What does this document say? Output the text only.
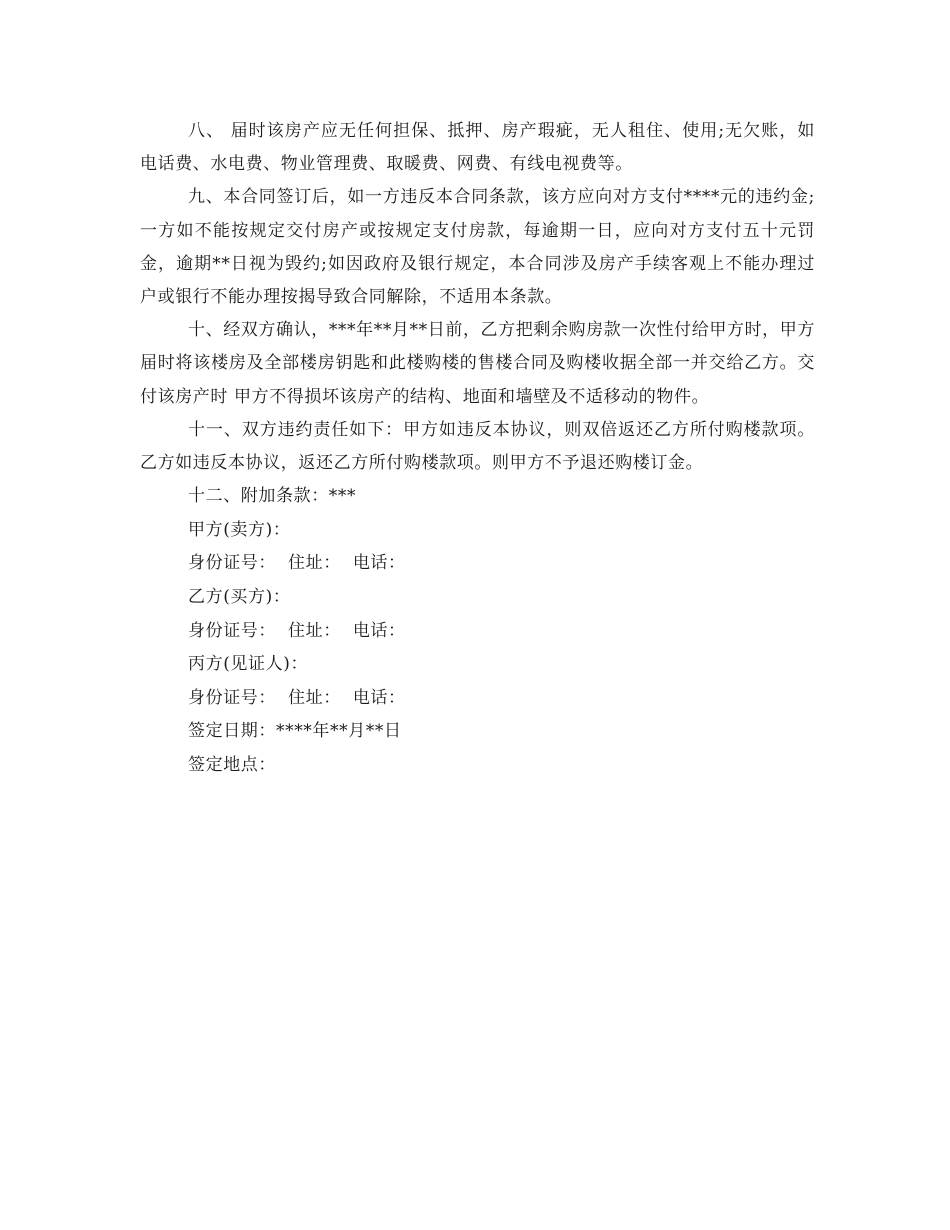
八、 届时该房产应无任何担保、抵押、房产瑕疵，无人租住、使用;无欠账，如电话费、水电费、物业管理费、取暖费、网费、有线电视费等。

九、本合同签订后，如一方违反本合同条款，该方应向对方支付****元的违约金;一方如不能按规定交付房产或按规定支付房款，每逾期一日，应向对方支付五十元罚金，逾期**日视为毁约;如因政府及银行规定，本合同涉及房产手续客观上不能办理过户或银行不能办理按揭导致合同解除，不适用本条款。

十、经双方确认，***年**月**日前，乙方把剩余购房款一次性付给甲方时，甲方届时将该楼房及全部楼房钥匙和此楼购楼的售楼合同及购楼收据全部一并交给乙方。交付该房产时 甲方不得损坏该房产的结构、地面和墙壁及不适移动的物件。

十一、双方违约责任如下：甲方如违反本协议，则双倍返还乙方所付购楼款项。乙方如违反本协议，返还乙方所付购楼款项。则甲方不予退还购楼订金。

十二、附加条款：***

甲方(卖方)：

身份证号：  住址：  电话：

乙方(买方)：

身份证号：  住址：  电话：

丙方(见证人)：

身份证号：  住址：  电话：

签定日期：****年**月**日

签定地点：
